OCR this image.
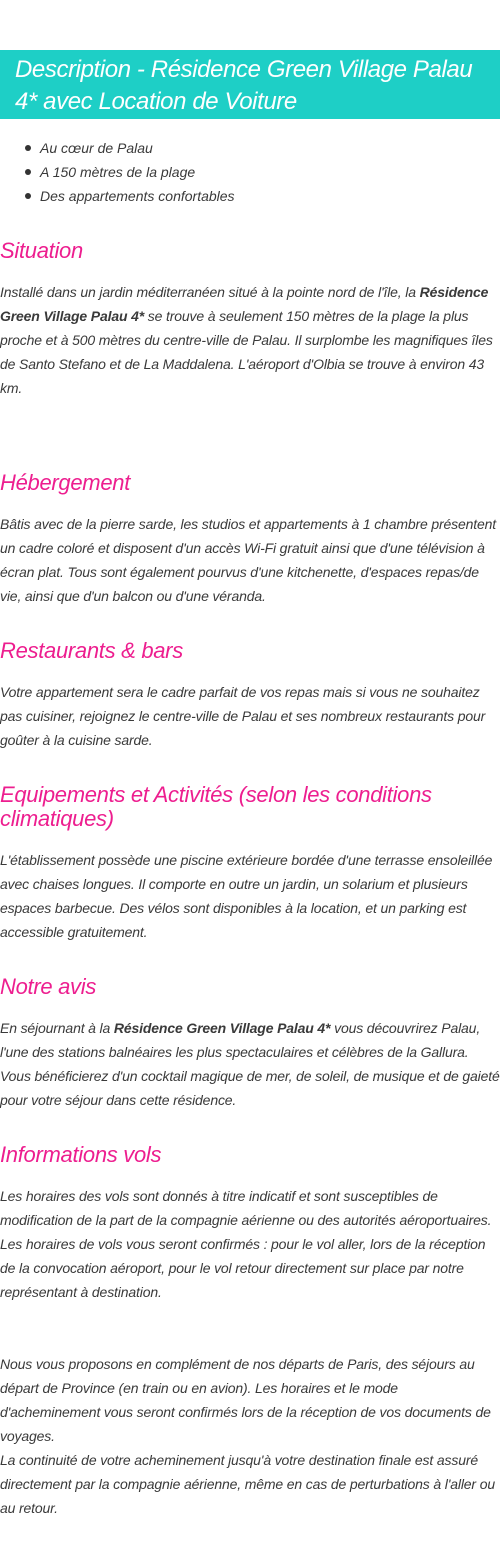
Description - Résidence Green Village Palau 4* avec Location de Voiture
Au cœur de Palau
A 150 mètres de la plage
Des appartements confortables
Situation

Installé dans un jardin méditerranéen situé à la pointe nord de l'île, la Résidence Green Village Palau 4* se trouve à seulement 150 mètres de la plage la plus proche et à 500 mètres du centre-ville de Palau. Il surplombe les magnifiques îles de Santo Stefano et de La Maddalena. L'aéroport d'Olbia se trouve à environ 43 km.

Hébergement

Bâtis avec de la pierre sarde, les studios et appartements à 1 chambre présentent un cadre coloré et disposent d'un accès Wi-Fi gratuit ainsi que d'une télévision à écran plat. Tous sont également pourvus d'une kitchenette, d'espaces repas/de vie, ainsi que d'un balcon ou d'une véranda.

Restaurants & bars

Votre appartement sera le cadre parfait de vos repas mais si vous ne souhaitez pas cuisiner, rejoignez le centre-ville de Palau et ses nombreux restaurants pour goûter à la cuisine sarde.

Equipements et Activités (selon les conditions climatiques)

L'établissement possède une piscine extérieure bordée d'une terrasse ensoleillée avec chaises longues. Il comporte en outre un jardin, un solarium et plusieurs espaces barbecue. Des vélos sont disponibles à la location, et un parking est accessible gratuitement.

Notre avis

En séjournant à la Résidence Green Village Palau 4* vous découvrirez Palau, l'une des stations balnéaires les plus spectaculaires et célèbres de la Gallura. Vous bénéficierez d'un cocktail magique de mer, de soleil, de musique et de gaieté pour votre séjour dans cette résidence.

Informations vols

Les horaires des vols sont donnés à titre indicatif et sont susceptibles de modification de la part de la compagnie aérienne ou des autorités aéroportuaires.
Les horaires de vols vous seront confirmés : pour le vol aller, lors de la réception de la convocation aéroport, pour le vol retour directement sur place par notre représentant à destination.

Nous vous proposons en complément de nos départs de Paris, des séjours au départ de Province (en train ou en avion). Les horaires et le mode d'acheminement vous seront confirmés lors de la réception de vos documents de voyages.
La continuité de votre acheminement jusqu'à votre destination finale est assuré directement par la compagnie aérienne, même en cas de perturbations à l'aller ou au retour.
